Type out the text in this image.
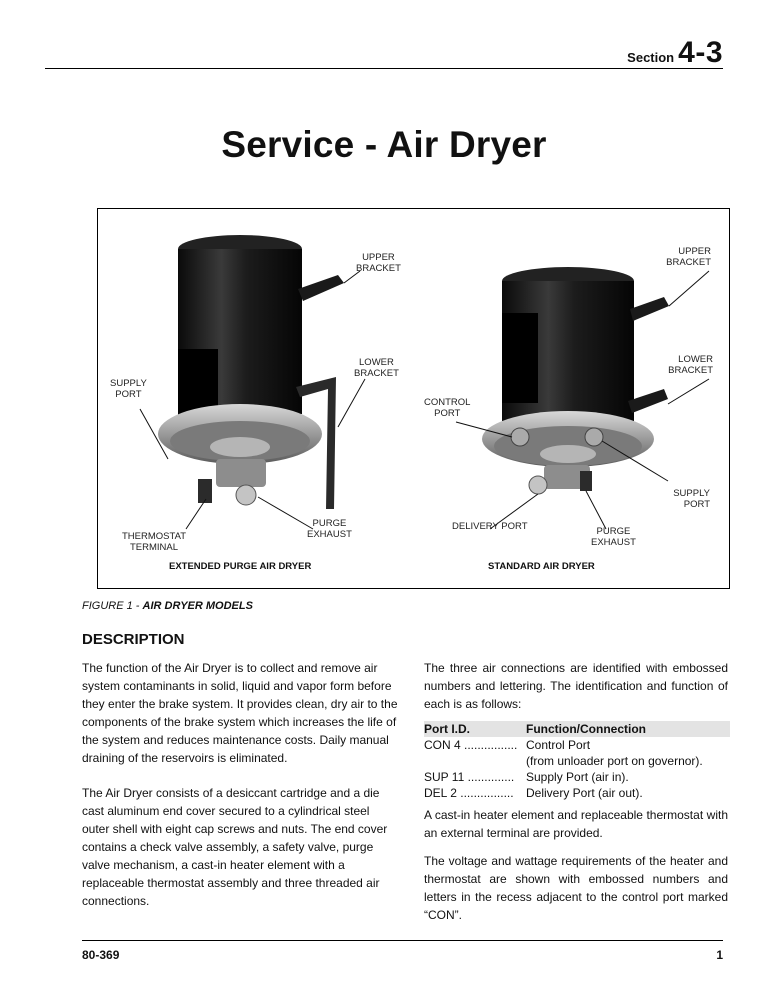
Section 4-3
Service - Air Dryer
UPPER
BRACKET
UPPER
BRACKET
LOWER
BRACKET
LOWER
BRACKET
SUPPLY
PORT
CONTROL
PORT
SUPPLY
PORT
THERMOSTAT
TERMINAL
PURGE
EXHAUST
DELIVERY PORT	PURGE
EXHAUST
EXTENDED PURGE AIR DRYER	STANDARD AIR DRYER
FIGURE 1 - AIR DRYER MODELS
DESCRIPTION

The function of the Air Dryer is to collect and remove air system contaminants in solid, liquid and vapor form before they enter the brake system. It provides clean, dry air to the components of the brake system which increases the life of the system and reduces maintenance costs. Daily manual draining of the reservoirs is eliminated.

The Air Dryer consists of a desiccant cartridge and a die cast aluminum end cover secured to a cylindrical steel outer shell with eight cap screws and nuts. The end cover contains a check valve assembly, a safety valve, purge valve mechanism, a cast-in heater element with a replaceable thermostat assembly and three threaded air connections.

The three air connections are identified with embossed numbers and lettering. The identification and function of each is as follows:

Port I.D.	Function/Connection
CON 4 ................ Control Port
(from unloader port on governor).
SUP 11 .............. Supply Port (air in).
DEL 2 ................ Delivery Port (air out).

A cast-in heater element and replaceable thermostat with an external terminal are provided.

The voltage and wattage requirements of the heater and thermostat are shown with embossed numbers and letters in the recess adjacent to the control port marked “CON”.

80-369	1
